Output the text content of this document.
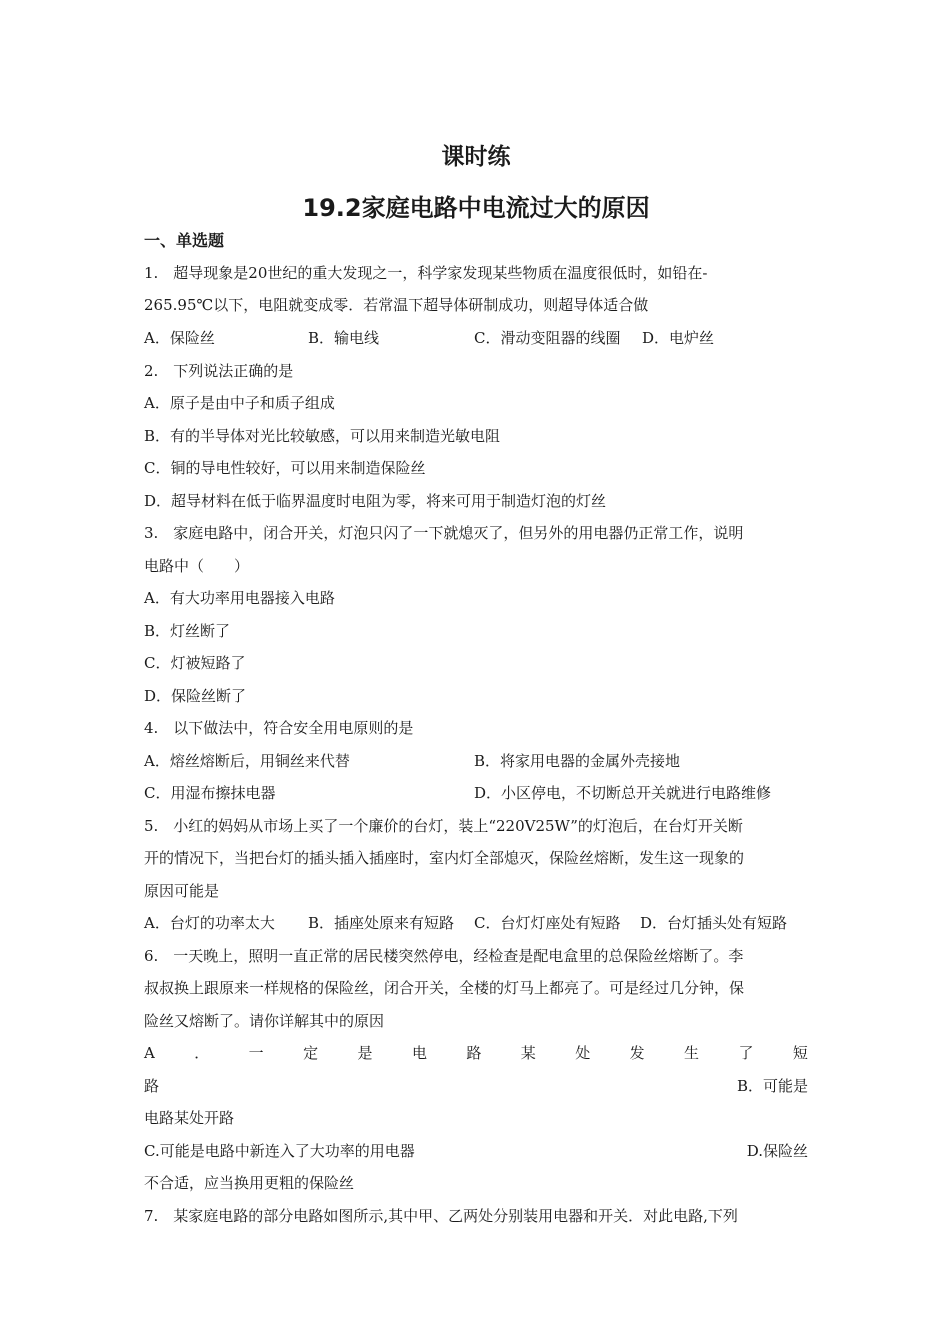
课时练
19.2家庭电路中电流过大的原因
一、单选题
1.　超导现象是20世纪的重大发现之一，科学家发现某些物质在温度很低时，如铅在-
265.95℃以下，电阻就变成零．若常温下超导体研制成功，则超导体适合做
A．保险丝	B．输电线	C．滑动变阻器的线圈 D．电炉丝
2.　下列说法正确的是
A．原子是由中子和质子组成
B．有的半导体对光比较敏感，可以用来制造光敏电阻
C．铜的导电性较好，可以用来制造保险丝
D．超导材料在低于临界温度时电阻为零，将来可用于制造灯泡的灯丝
3.　家庭电路中，闭合开关，灯泡只闪了一下就熄灭了，但另外的用电器仍正常工作，说明
电路中（　　）
A．有大功率用电器接入电路
B．灯丝断了
C．灯被短路了
D．保险丝断了
4.　以下做法中，符合安全用电原则的是
A．熔丝熔断后，用铜丝来代替	B．将家用电器的金属外壳接地
C．用湿布擦抹电器	D．小区停电，不切断总开关就进行电路维修
5.　小红的妈妈从市场上买了一个廉价的台灯，装上“220V25W”的灯泡后，在台灯开关断
开的情况下，当把台灯的插头插入插座时，室内灯全部熄灭，保险丝熔断，发生这一现象的
原因可能是
A．台灯的功率太大 B．插座处原来有短路 C．台灯灯座处有短路 D．台灯插头处有短路
6.　一天晚上，照明一直正常的居民楼突然停电，经检查是配电盒里的总保险丝熔断了。李
叔叔换上跟原来一样规格的保险丝，闭合开关，全楼的灯马上都亮了。可是经过几分钟，保
险丝又熔断了。请你详解其中的原因
A	．	一	定	是	电	路	某	处	发	生	了	短
路	B．可能是
电路某处开路
C.可能是电路中新连入了大功率的用电器	D.保险丝
不合适，应当换用更粗的保险丝
7.　某家庭电路的部分电路如图所示,其中甲、乙两处分别装用电器和开关．对此电路,下列
